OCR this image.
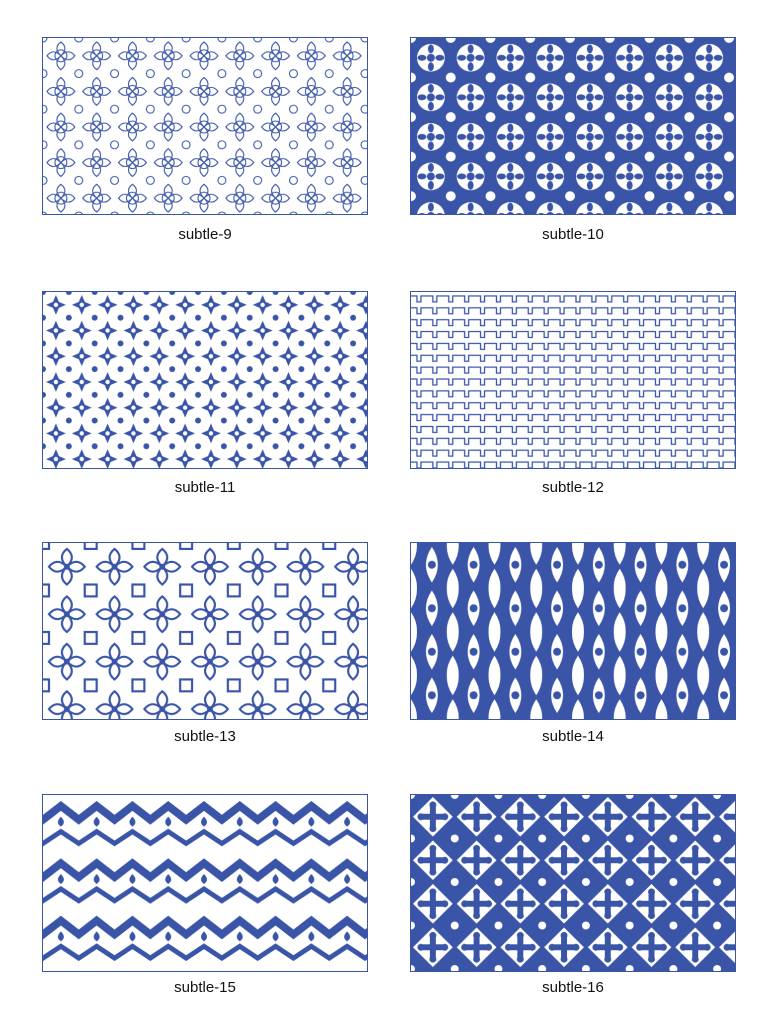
subtle-9	subtle-10
subtle-11	subtle-12
subtle-13	subtle-14
subtle-15	subtle-16
